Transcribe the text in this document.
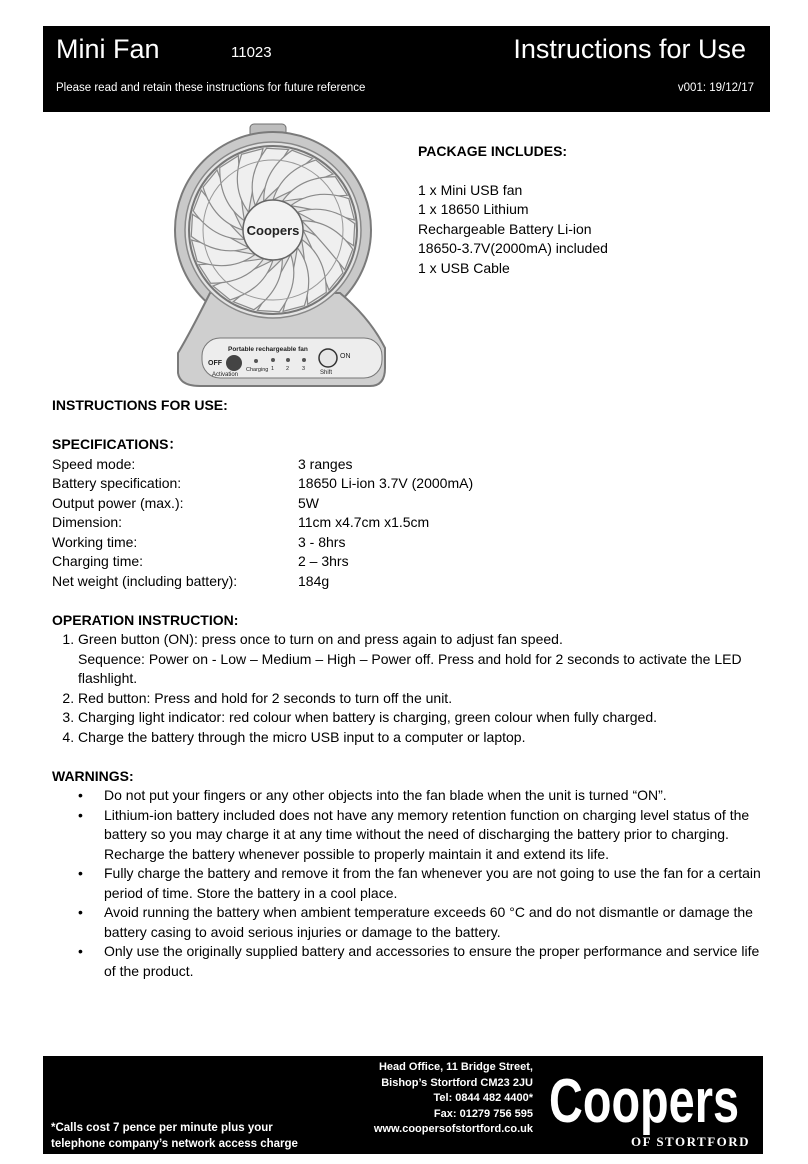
Mini Fan	11023	Instructions for Use
Please read and retain these instructions for future reference	v001: 19/12/17
Coopers
Portable rechargeable fan
OFF
Activation
Charging 1 2 3
ON
Shift
PACKAGE INCLUDES:
1 x Mini USB fan
1 x 18650 Lithium
Rechargeable Battery Li-ion
18650-3.7V(2000mA) included
1 x USB Cable
INSTRUCTIONS FOR USE:
SPECIFICATIONS：
Speed mode:	3 ranges
Battery specification:	18650 Li-ion 3.7V (2000mA)
Output power (max.):	5W
Dimension:	11cm x4.7cm x1.5cm
Working time:	3 - 8hrs
Charging time:	2 – 3hrs
Net weight (including battery):	184g
OPERATION INSTRUCTION:
1. Green button (ON): press once to turn on and press again to adjust fan speed.
Sequence: Power on - Low – Medium – High – Power off. Press and hold for 2 seconds to activate the LED flashlight.
2. Red button: Press and hold for 2 seconds to turn off the unit.
3. Charging light indicator: red colour when battery is charging, green colour when fully charged.
4. Charge the battery through the micro USB input to a computer or laptop.
WARNINGS:
• Do not put your fingers or any other objects into the fan blade when the unit is turned “ON”.
• Lithium-ion battery included does not have any memory retention function on charging level status of the battery so you may charge it at any time without the need of discharging the battery prior to charging. Recharge the battery whenever possible to properly maintain it and extend its life.
• Fully charge the battery and remove it from the fan whenever you are not going to use the fan for a certain period of time. Store the battery in a cool place.
• Avoid running the battery when ambient temperature exceeds 60 °C and do not dismantle or damage the battery casing to avoid serious injuries or damage to the battery.
• Only use the originally supplied battery and accessories to ensure the proper performance and service life of the product.
Head Office, 11 Bridge Street,
Bishop’s Stortford CM23 2JU
Tel: 0844 482 4400*
Fax: 01279 756 595
www.coopersofstortford.co.uk
*Calls cost 7 pence per minute plus your
telephone company’s network access charge
Coopers
OF STORTFORD
